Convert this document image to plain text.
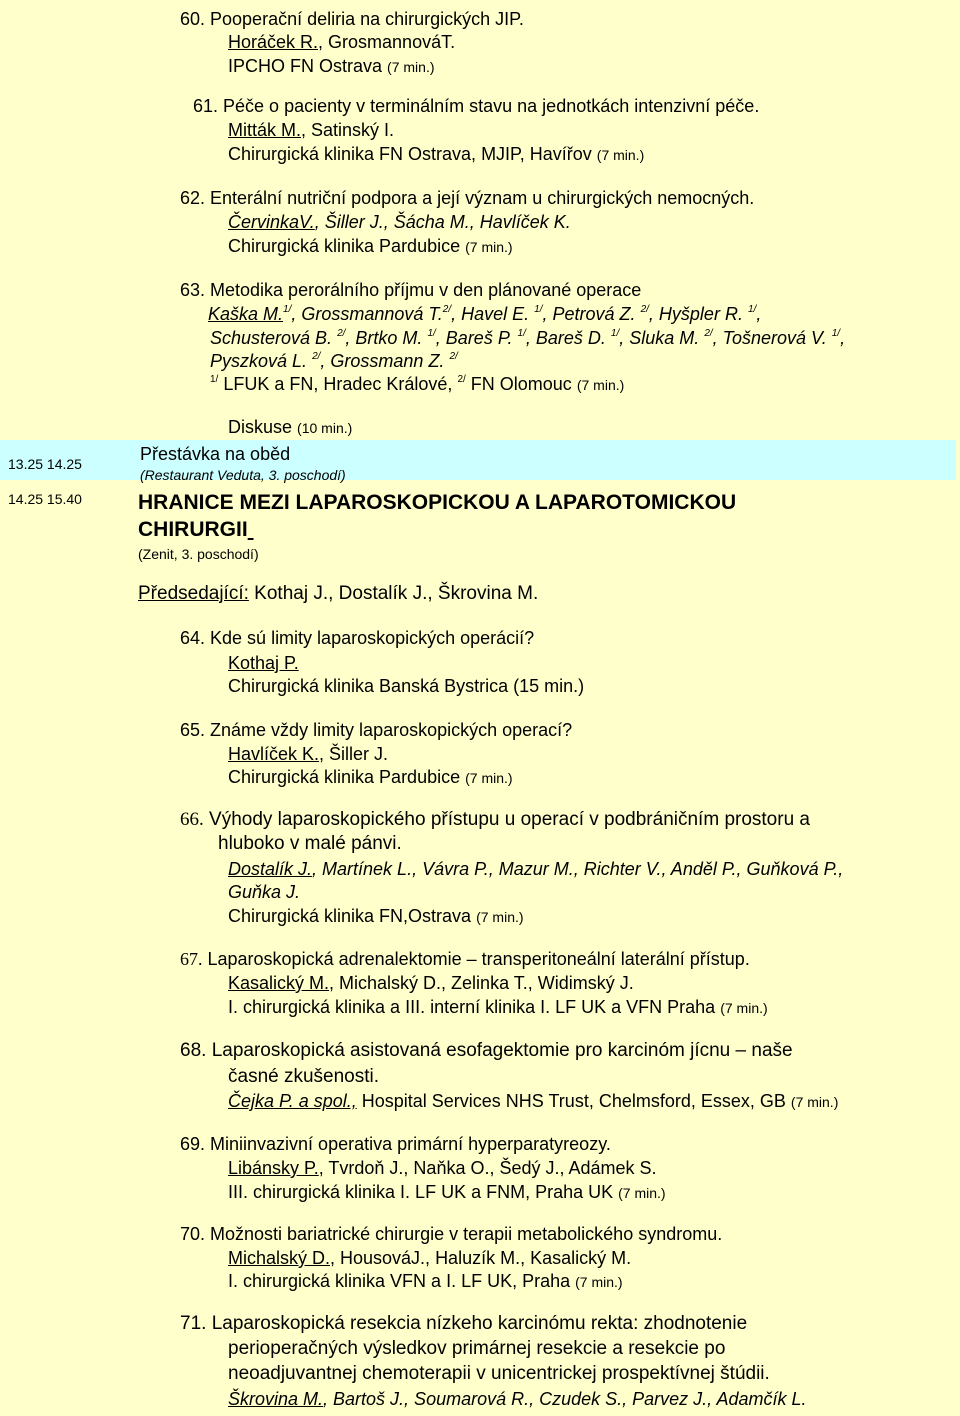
60. Pooperační deliria na chirurgických JIP.
Horáček R., GrosmannováT.
IPCHO FN Ostrava (7 min.)
61. Péče o pacienty v terminálním stavu na jednotkách intenzivní péče.
Mitták M., Satinský I.
Chirurgická klinika FN Ostrava, MJIP, Havířov (7 min.)
62. Enterální nutriční podpora a její význam u chirurgických nemocných.
ČervinkaV., Šiller J., Šácha M., Havlíček K.
Chirurgická klinika Pardubice (7 min.)
63. Metodika perorálního příjmu v den plánované operace
Kaška M.$^{1/}$, Grossmannová T.$^{2/}$, Havel E. $^{1/}$, Petrová Z. $^{2/}$, Hyšpler R. $^{1/}$,
Schusterová B. $^{2/}$, Brtko M. $^{1/}$, Bareš P. $^{1/}$, Bareš D. $^{1/}$, Sluka M. $^{2/}$, Tošnerová V. $^{1/}$,
Pyszková L. $^{2/}$, Grossmann Z. $^{2/}$
$^{1/}$ LFUK a FN, Hradec Králové, $^{2/}$ FN Olomouc (7 min.)
Diskuse (10 min.)
13.25 14.25	Přestávka na oběd
(Restaurant Veduta, 3. poschodí)
14.25 15.40	HRANICE MEZI LAPAROSKOPICKOU A LAPAROTOMICKOU
CHIRURGII
(Zenit, 3. poschodí)
Předsedající: Kothaj J., Dostalík J., Škrovina M.
64. Kde sú limity laparoskopických operácií?
Kothaj P.
Chirurgická klinika Banská Bystrica (15 min.)
65. Známe vždy limity laparoskopických operací?
Havlíček K., Šiller J.
Chirurgická klinika Pardubice (7 min.)
66. Výhody laparoskopického přístupu u operací v podbráničním prostoru a
hluboko v malé pánvi.
Dostalík J., Martínek L., Vávra P., Mazur M., Richter V., Anděl P., Guňková P.,
Guňka J.
Chirurgická klinika FN,Ostrava (7 min.)
67. Laparoskopická adrenalektomie – transperitoneální laterální přístup.
Kasalický M., Michalský D., Zelinka T., Widimský J.
I. chirurgická klinika a III. interní klinika I. LF UK a VFN Praha (7 min.)
68. Laparoskopická asistovaná esofagektomie pro karcinóm jícnu – naše
časné zkušenosti.
Čejka P. a spol., Hospital Services NHS Trust, Chelmsford, Essex, GB (7 min.)
69. Miniinvazivní operativa primární hyperparatyreozy.
Libánsky P., Tvrdoň J., Naňka O., Šedý J., Adámek S.
III. chirurgická klinika I. LF UK a FNM, Praha UK (7 min.)
70. Možnosti bariatrické chirurgie v terapii metabolického syndromu.
Michalský D., HousováJ., Haluzík M., Kasalický M.
I. chirurgická klinika VFN a I. LF UK, Praha (7 min.)
71. Laparoskopická resekcia nízkeho karcinómu rekta: zhodnotenie
perioperačných výsledkov primárnej resekcie a resekcie po
neoadjuvantnej chemoterapii v unicentrickej prospektívnej štúdii.
Škrovina M., Bartoš J., Soumarová R., Czudek S., Parvez J., Adamčík L.
